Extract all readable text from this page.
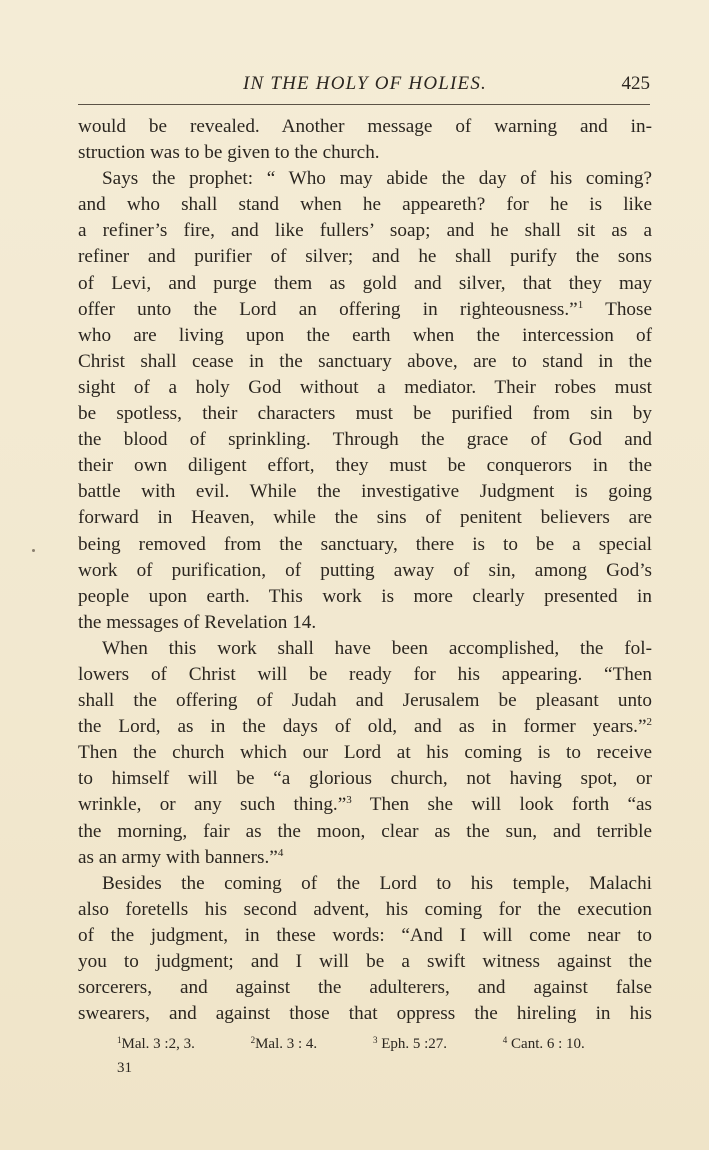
IN THE HOLY OF HOLIES.	425
would be revealed. Another message of warning and in-
struction was to be given to the church.
Says the prophet: “ Who may abide the day of his coming?
and who shall stand when he appeareth? for he is like
a refiner’s fire, and like fullers’ soap; and he shall sit as a
refiner and purifier of silver; and he shall purify the sons
of Levi, and purge them as gold and silver, that they may
offer unto the Lord an offering in righteousness.”$^1$ Those
who are living upon the earth when the intercession of
Christ shall cease in the sanctuary above, are to stand in the
sight of a holy God without a mediator. Their robes must
be spotless, their characters must be purified from sin by
the blood of sprinkling. Through the grace of God and
their own diligent effort, they must be conquerors in the
battle with evil. While the investigative Judgment is going
forward in Heaven, while the sins of penitent believers are
being removed from the sanctuary, there is to be a special
work of purification, of putting away of sin, among God’s
people upon earth. This work is more clearly presented in
the messages of Revelation 14.
When this work shall have been accomplished, the fol-
lowers of Christ will be ready for his appearing. “Then
shall the offering of Judah and Jerusalem be pleasant unto
the Lord, as in the days of old, and as in former years.”$^2$
Then the church which our Lord at his coming is to receive
to himself will be “a glorious church, not having spot, or
wrinkle, or any such thing.”$^3$ Then she will look forth “as
the morning, fair as the moon, clear as the sun, and terrible
as an army with banners.”$^4$
Besides the coming of the Lord to his temple, Malachi
also foretells his second advent, his coming for the execution
of the judgment, in these words: “And I will come near to
you to judgment; and I will be a swift witness against the
sorcerers, and against the adulterers, and against false
swearers, and against those that oppress the hireling in his
$^1$Mal. 3 :2, 3.	$^2$Mal. 3 : 4.	$^3$ Eph. 5 :27.	$^4$ Cant. 6 : 10.
31
